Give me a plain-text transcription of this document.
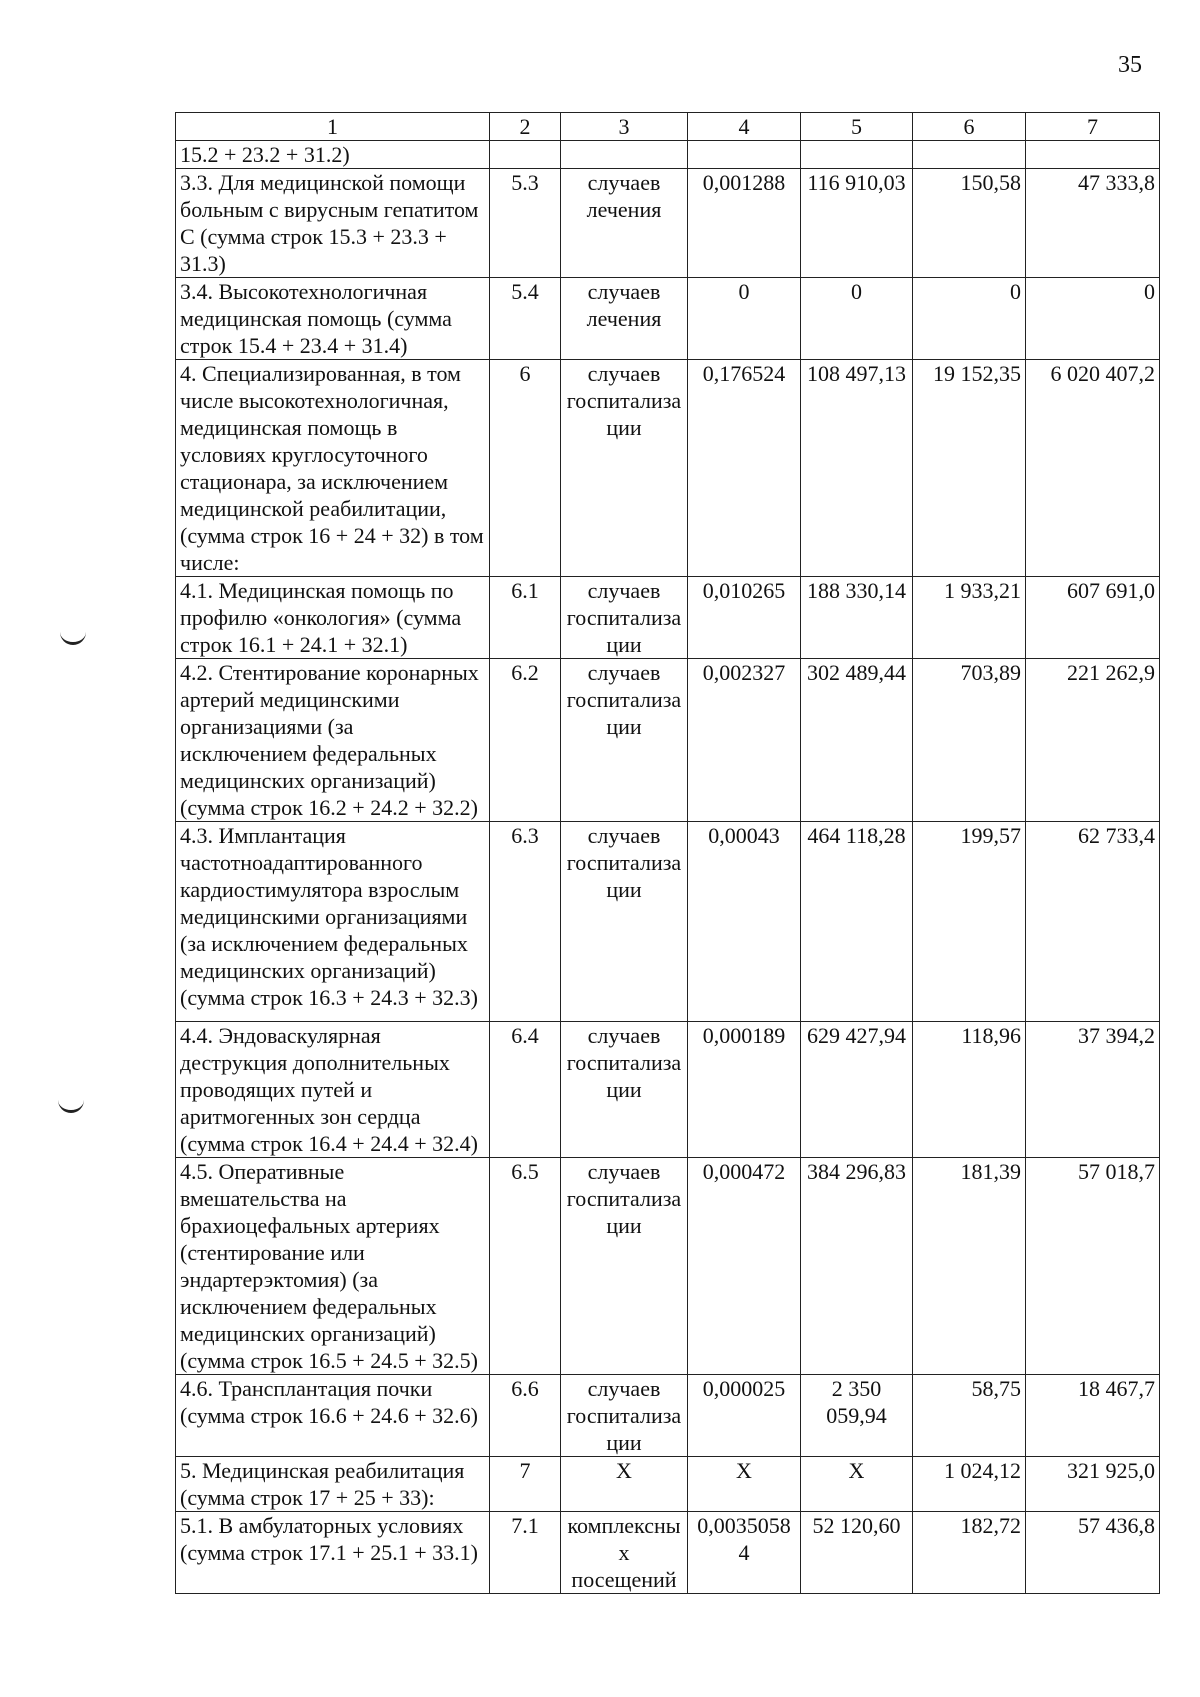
35
1	2	3	4	5	6	7
15.2 + 23.2 + 31.2)						
3.3. Для медицинской помощи больным с вирусным гепатитом С (сумма строк 15.3 + 23.3 + 31.3)	5.3	случаев лечения	0,001288	116 910,03	150,58	47 333,8
3.4. Высокотехнологичная медицинская помощь (сумма строк 15.4 + 23.4 + 31.4)	5.4	случаев лечения	0	0	0	0
4. Специализированная, в том числе высокотехнологичная, медицинская помощь в условиях круглосуточного стационара, за исключением медицинской реабилитации, (сумма строк 16 + 24 + 32) в том числе:	6	случаев госпитализации	0,176524	108 497,13	19 152,35	6 020 407,2
4.1. Медицинская помощь по профилю «онкология» (сумма строк 16.1 + 24.1 + 32.1)	6.1	случаев госпитализации	0,010265	188 330,14	1 933,21	607 691,0
4.2. Стентирование коронарных артерий медицинскими организациями (за исключением федеральных медицинских организаций) (сумма строк 16.2 + 24.2 + 32.2)	6.2	случаев госпитализации	0,002327	302 489,44	703,89	221 262,9
4.3. Имплантация частотноадаптированного кардиостимулятора взрослым медицинскими организациями (за исключением федеральных медицинских организаций) (сумма строк 16.3 + 24.3 + 32.3)	6.3	случаев госпитализации	0,00043	464 118,28	199,57	62 733,4
4.4. Эндоваскулярная деструкция дополнительных проводящих путей и аритмогенных зон сердца (сумма строк 16.4 + 24.4 + 32.4)	6.4	случаев госпитализации	0,000189	629 427,94	118,96	37 394,2
4.5. Оперативные вмешательства на брахиоцефальных артериях (стентирование или эндартерэктомия) (за исключением федеральных медицинских организаций) (сумма строк 16.5 + 24.5 + 32.5)	6.5	случаев госпитализации	0,000472	384 296,83	181,39	57 018,7
4.6. Трансплантация почки (сумма строк 16.6 + 24.6 + 32.6)	6.6	случаев госпитализации	0,000025	2 350 059,94	58,75	18 467,7
5. Медицинская реабилитация (сумма строк 17 + 25 + 33):	7	Х	Х	Х	1 024,12	321 925,0
5.1. В амбулаторных условиях (сумма строк 17.1 + 25.1 + 33.1)	7.1	комплексных посещений	0,00350584	52 120,60	182,72	57 436,8
